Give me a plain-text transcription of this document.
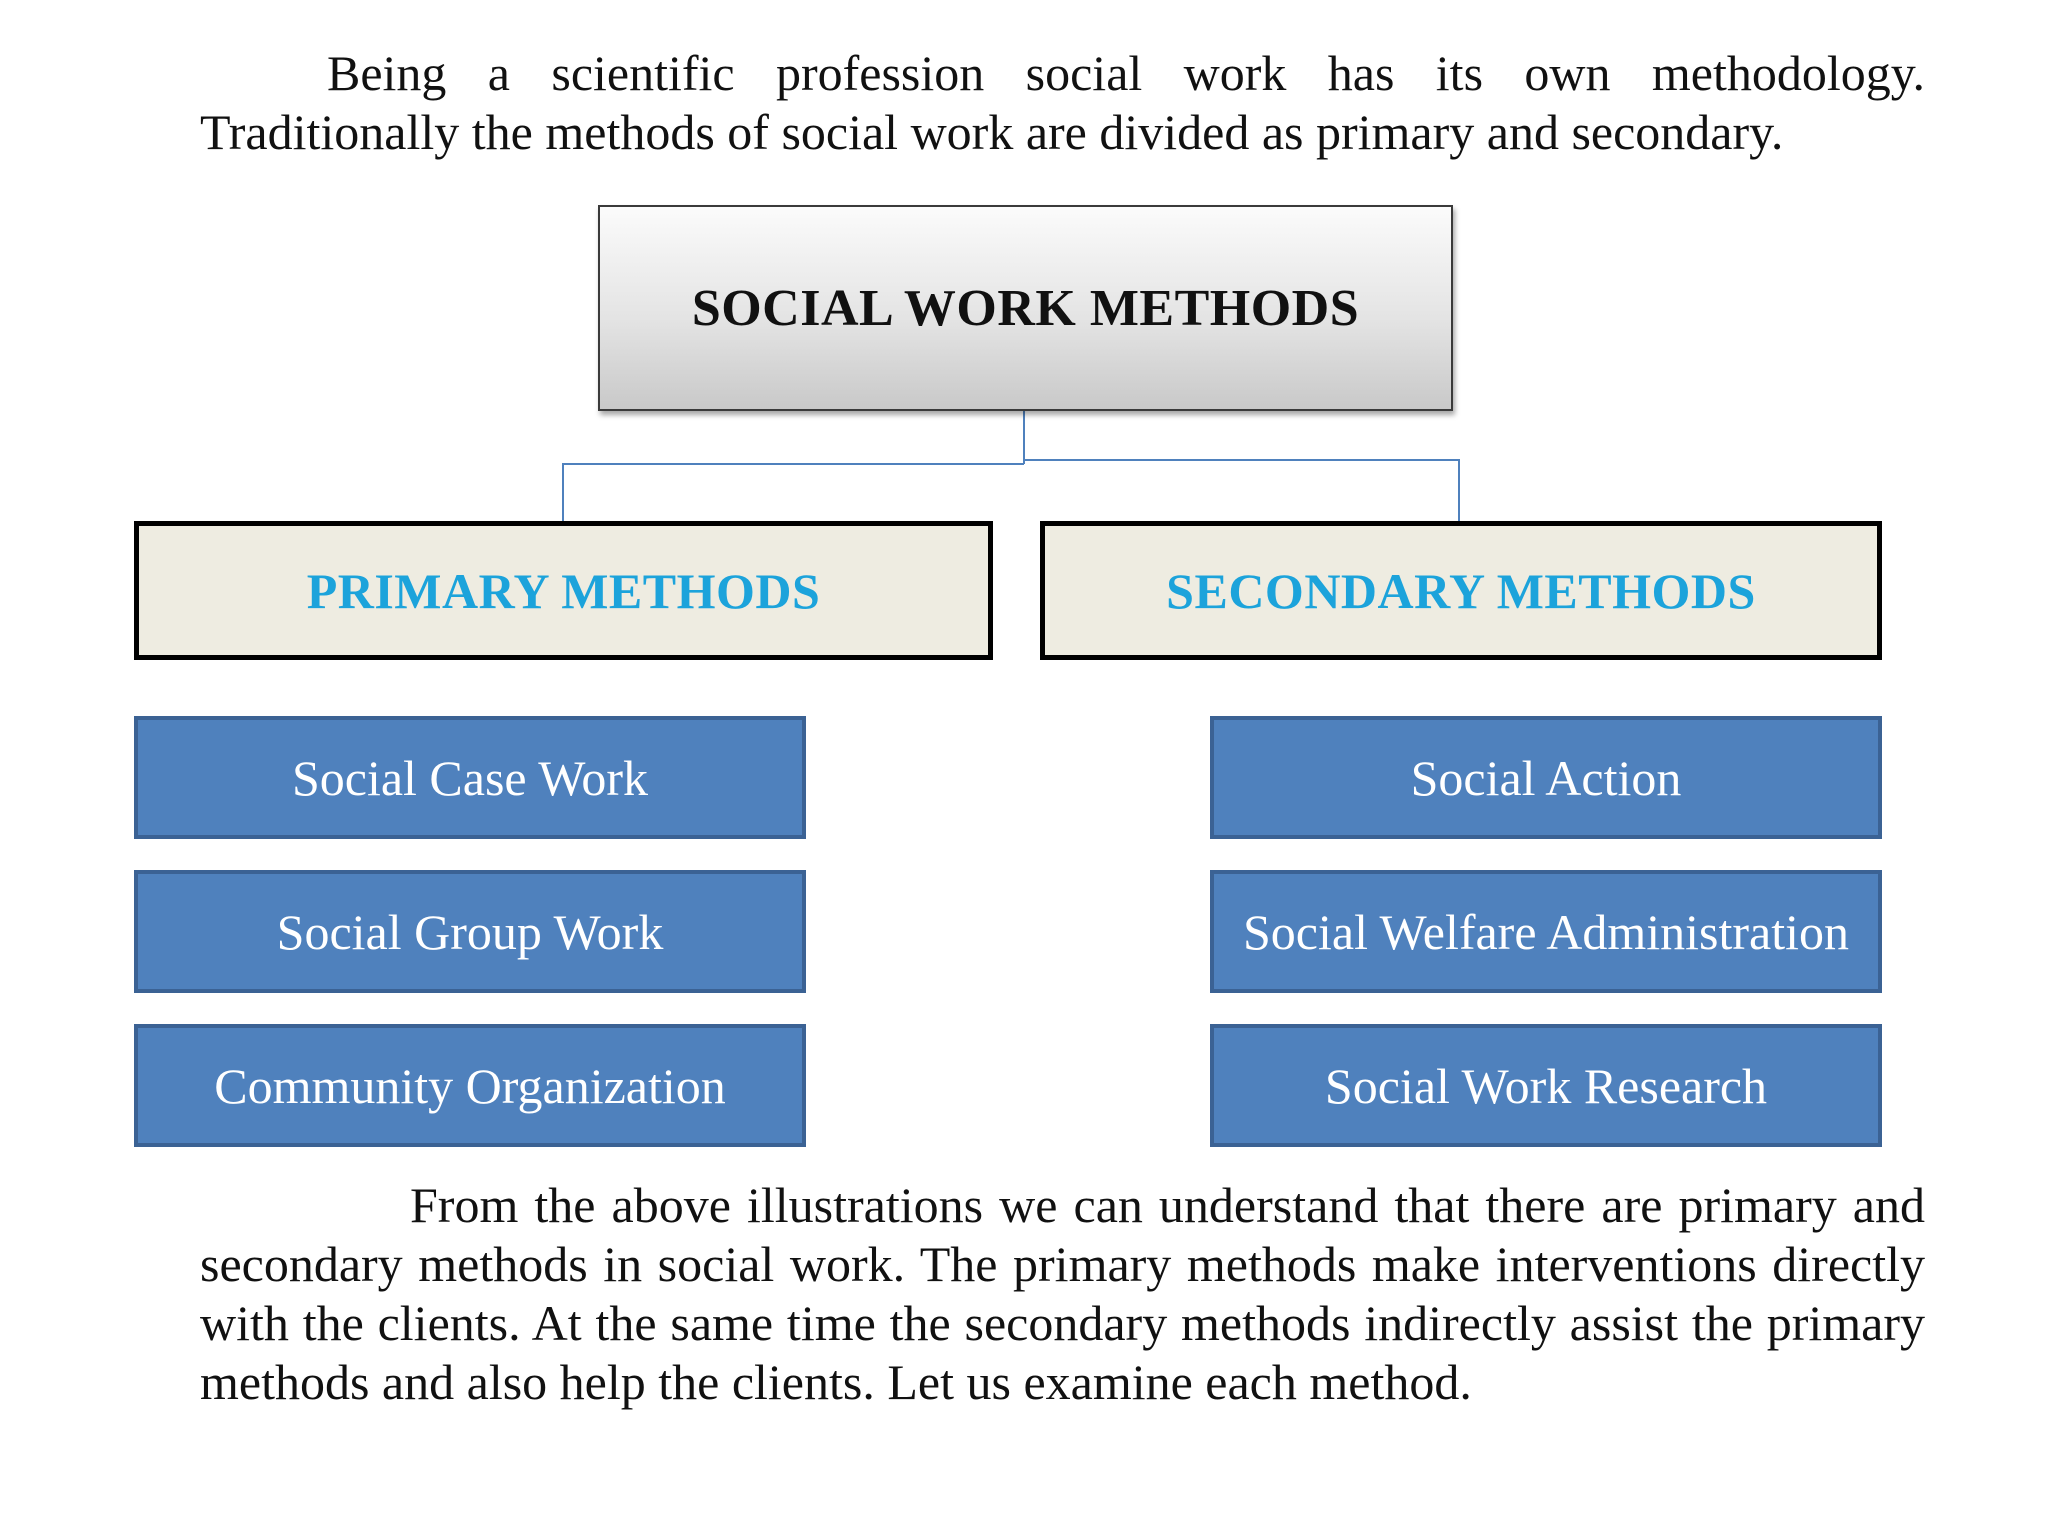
Being a scientific profession social work has its own methodology. Traditionally the methods of social work are divided as primary and secondary.

SOCIAL WORK METHODS
PRIMARY METHODS	SECONDARY METHODS
Social Case Work
Social Group Work
Community Organization
Social Action
Social Welfare Administration
Social Work Research

From the above illustrations we can understand that there are primary and secondary methods in social work. The primary methods make interventions directly with the clients. At the same time the secondary methods indirectly assist the primary methods and also help the clients. Let us examine each method.
